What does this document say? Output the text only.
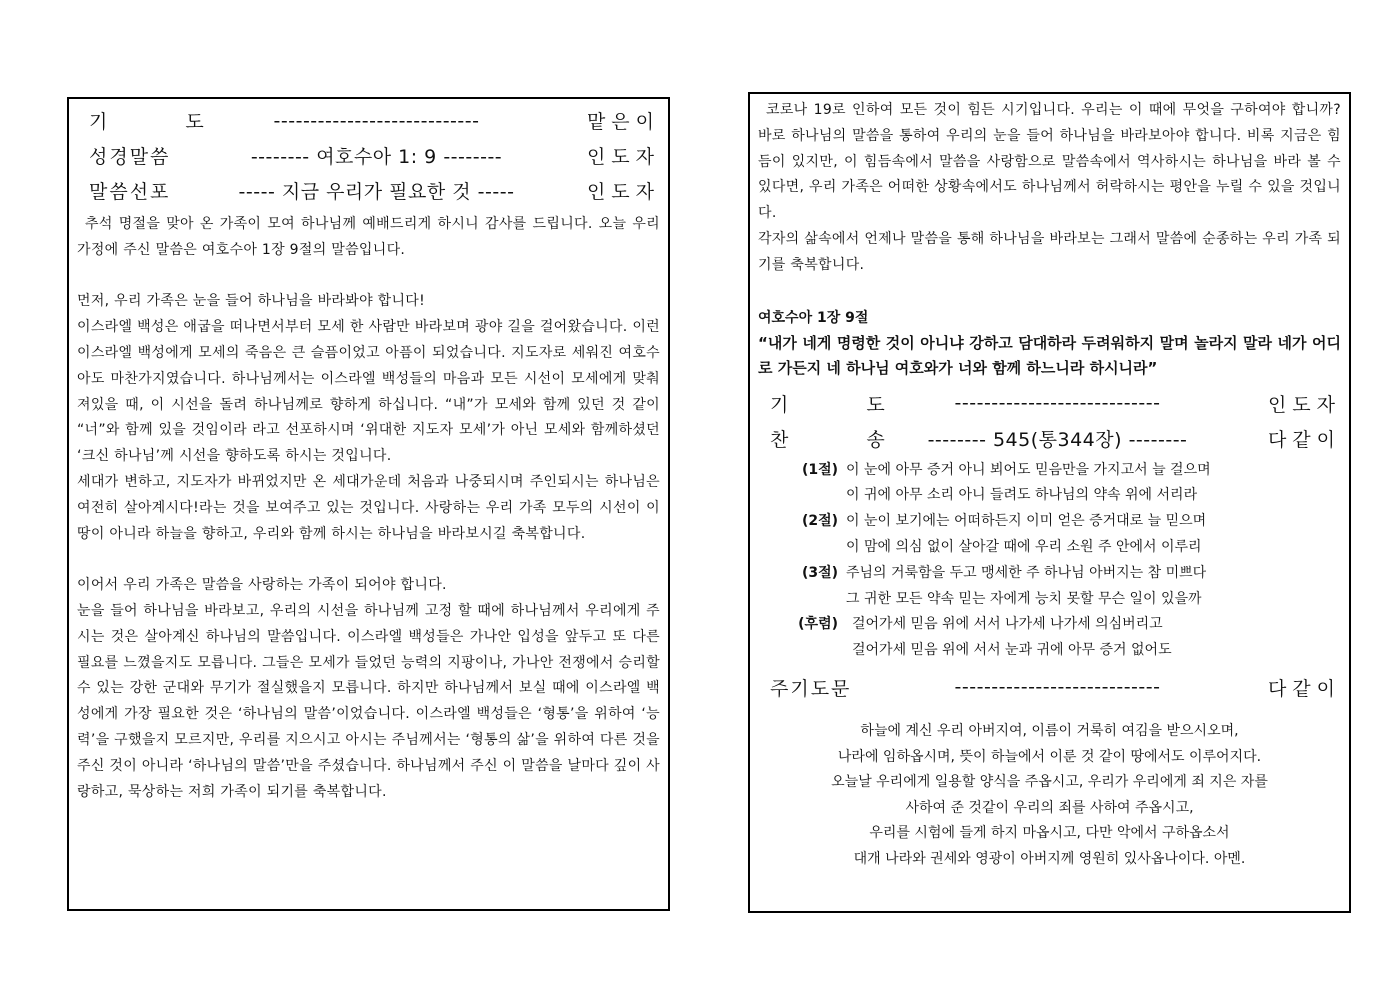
기 도	----------------------------	맡은이
성경말씀	-------- 여호수아 1: 9 --------	인도자
말씀선포	----- 지금 우리가 필요한 것 -----	인도자

추석 명절을 맞아 온 가족이 모여 하나님께 예배드리게 하시니 감사를 드립니다. 오늘 우리 가정에 주신 말씀은 여호수아 1장 9절의 말씀입니다.

먼저, 우리 가족은 눈을 들어 하나님을 바라봐야 합니다!

이스라엘 백성은 애굽을 떠나면서부터 모세 한 사람만 바라보며 광야 길을 걸어왔습니다. 이런 이스라엘 백성에게 모세의 죽음은 큰 슬픔이었고 아픔이 되었습니다. 지도자로 세워진 여호수아도 마찬가지였습니다. 하나님께서는 이스라엘 백성들의 마음과 모든 시선이 모세에게 맞춰져있을 때, 이 시선을 돌려 하나님께로 향하게 하십니다. “내”가 모세와 함께 있던 것 같이 “너”와 함께 있을 것임이라 라고 선포하시며 ‘위대한 지도자 모세’가 아닌 모세와 함께하셨던 ‘크신 하나님’께 시선을 향하도록 하시는 것입니다.

세대가 변하고, 지도자가 바뀌었지만 온 세대가운데 처음과 나중되시며 주인되시는 하나님은 여전히 살아계시다!라는 것을 보여주고 있는 것입니다. 사랑하는 우리 가족 모두의 시선이 이 땅이 아니라 하늘을 향하고, 우리와 함께 하시는 하나님을 바라보시길 축복합니다.

이어서 우리 가족은 말씀을 사랑하는 가족이 되어야 합니다.

눈을 들어 하나님을 바라보고, 우리의 시선을 하나님께 고정 할 때에 하나님께서 우리에게 주시는 것은 살아계신 하나님의 말씀입니다. 이스라엘 백성들은 가나안 입성을 앞두고 또 다른 필요를 느꼈을지도 모릅니다. 그들은 모세가 들었던 능력의 지팡이나, 가나안 전쟁에서 승리할 수 있는 강한 군대와 무기가 절실했을지 모릅니다. 하지만 하나님께서 보실 때에 이스라엘 백성에게 가장 필요한 것은 ‘하나님의 말씀’이었습니다. 이스라엘 백성들은 ‘형통’을 위하여 ‘능력’을 구했을지 모르지만, 우리를 지으시고 아시는 주님께서는 ‘형통의 삶’을 위하여 다른 것을 주신 것이 아니라 ‘하나님의 말씀’만을 주셨습니다. 하나님께서 주신 이 말씀을 날마다 깊이 사랑하고, 묵상하는 저희 가족이 되기를 축복합니다.

코로나 19로 인하여 모든 것이 힘든 시기입니다. 우리는 이 때에 무엇을 구하여야 합니까? 바로 하나님의 말씀을 통하여 우리의 눈을 들어 하나님을 바라보아야 합니다. 비록 지금은 힘듬이 있지만, 이 힘듬속에서 말씀을 사랑함으로 말씀속에서 역사하시는 하나님을 바라 볼 수 있다면, 우리 가족은 어떠한 상황속에서도 하나님께서 허락하시는 평안을 누릴 수 있을 것입니다.

각자의 삶속에서 언제나 말씀을 통해 하나님을 바라보는 그래서 말씀에 순종하는 우리 가족 되기를 축복합니다.

여호수아 1장 9절
“내가 네게 명령한 것이 아니냐 강하고 담대하라 두려워하지 말며 놀라지 말라 네가 어디로 가든지 네 하나님 여호와가 너와 함께 하느니라 하시니라”
기 도	----------------------------	인도자
찬 송 -------- 545(통344장) --------	다같이
(1절) 이 눈에 아무 증거 아니 뵈어도 믿음만을 가지고서 늘 걸으며
이 귀에 아무 소리 아니 들려도 하나님의 약속 위에 서리라
(2절) 이 눈이 보기에는 어떠하든지 이미 얻은 증거대로 늘 믿으며
이 맘에 의심 없이 살아갈 때에 우리 소원 주 안에서 이루리
(3절) 주님의 거룩함을 두고 맹세한 주 하나님 아버지는 참 미쁘다
그 귀한 모든 약속 믿는 자에게 능치 못할 무슨 일이 있을까
(후렴)	걸어가세 믿음 위에 서서 나가세 나가세 의심버리고
걸어가세 믿음 위에 서서 눈과 귀에 아무 증거 없어도
주기도문	----------------------------	다같이
하늘에 계신 우리 아버지여, 이름이 거룩히 여김을 받으시오며,
나라에 임하옵시며, 뜻이 하늘에서 이룬 것 같이 땅에서도 이루어지다.
오늘날 우리에게 일용할 양식을 주옵시고, 우리가 우리에게 죄 지은 자를
사하여 준 것같이 우리의 죄를 사하여 주옵시고,
우리를 시험에 들게 하지 마옵시고, 다만 악에서 구하옵소서
대개 나라와 권세와 영광이 아버지께 영원히 있사옵나이다. 아멘.
